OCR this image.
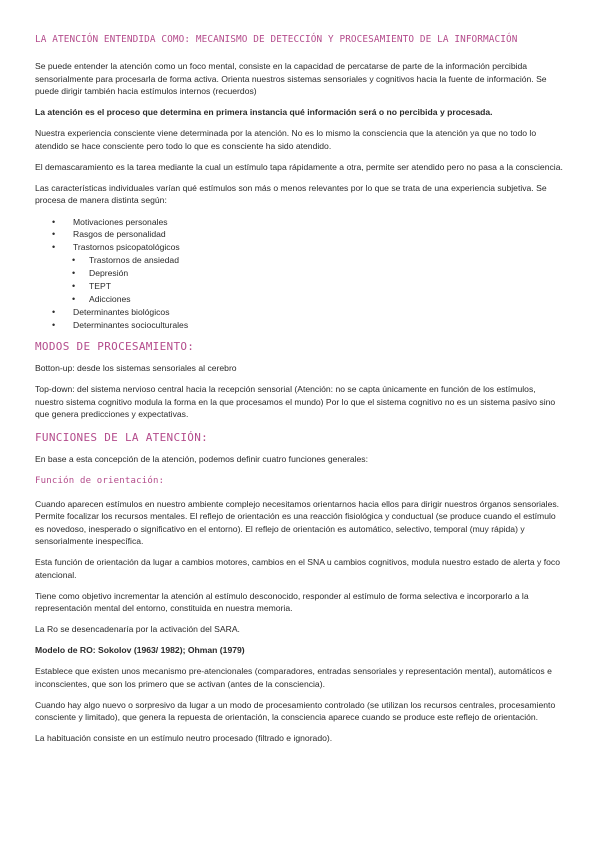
LA ATENCIÓN ENTENDIDA COMO: MECANISMO DE DETECCIÓN Y PROCESAMIENTO DE LA INFORMACIÓN

Se puede entender la atención como un foco mental, consiste en la capacidad de percatarse de parte de la información percibida sensorialmente para procesarla de forma activa. Orienta nuestros sistemas sensoriales y cognitivos hacia la fuente de información. Se puede dirigir también hacia estímulos internos (recuerdos)

La atención es el proceso que determina en primera instancia qué información será o no percibida y procesada.

Nuestra experiencia consciente viene determinada por la atención. No es lo mismo la consciencia que la atención ya que no todo lo atendido se hace consciente pero todo lo que es consciente ha sido atendido.

El demascaramiento es la tarea mediante la cual un estímulo tapa rápidamente a otra, permite ser atendido pero no pasa a la consciencia.

Las características individuales varían qué estímulos son más o menos relevantes por lo que se trata de una experiencia subjetiva. Se procesa de manera distinta según:

• Motivaciones personales
• Rasgos de personalidad
• Trastornos psicopatológicos
• Trastornos de ansiedad
• Depresión
• TEPT
• Adicciones
• Determinantes biológicos
• Determinantes socioculturales
MODOS DE PROCESAMIENTO:

Botton-up: desde los sistemas sensoriales al cerebro

Top-down: del sistema nervioso central hacia la recepción sensorial (Atención: no se capta únicamente en función de los estímulos, nuestro sistema cognitivo modula la forma en la que procesamos el mundo) Por lo que el sistema cognitivo no es un sistema pasivo sino que genera predicciones y expectativas.

FUNCIONES DE LA ATENCIÓN:

En base a esta concepción de la atención, podemos definir cuatro funciones generales:

Función de orientación:

Cuando aparecen estímulos en nuestro ambiente complejo necesitamos orientarnos hacia ellos para dirigir nuestros órganos sensoriales. Permite focalizar los recursos mentales. El reflejo de orientación es una reacción fisiológica y conductual (se produce cuando el estímulo es novedoso, inesperado o significativo en el entorno). El reflejo de orientación es automático, selectivo, temporal (muy rápida) y sensorialmente inespecífica.

Esta función de orientación da lugar a cambios motores, cambios en el SNA u cambios cognitivos, modula nuestro estado de alerta y foco atencional.

Tiene como objetivo incrementar la atención al estímulo desconocido, responder al estímulo de forma selectiva e incorporarlo a la representación mental del entorno, constituida en nuestra memoria.

La Ro se desencadenaría por la activación del SARA.

Modelo de RO: Sokolov (1963/ 1982); Ohman (1979)

Establece que existen unos mecanismo pre-atencionales (comparadores, entradas sensoriales y representación mental), automáticos e inconscientes, que son los primero que se activan (antes de la consciencia).

Cuando hay algo nuevo o sorpresivo da lugar a un modo de procesamiento controlado (se utilizan los recursos centrales, procesamiento consciente y limitado), que genera la repuesta de orientación, la consciencia aparece cuando se produce este reflejo de orientación.

La habituación consiste en un estímulo neutro procesado (filtrado e ignorado).
